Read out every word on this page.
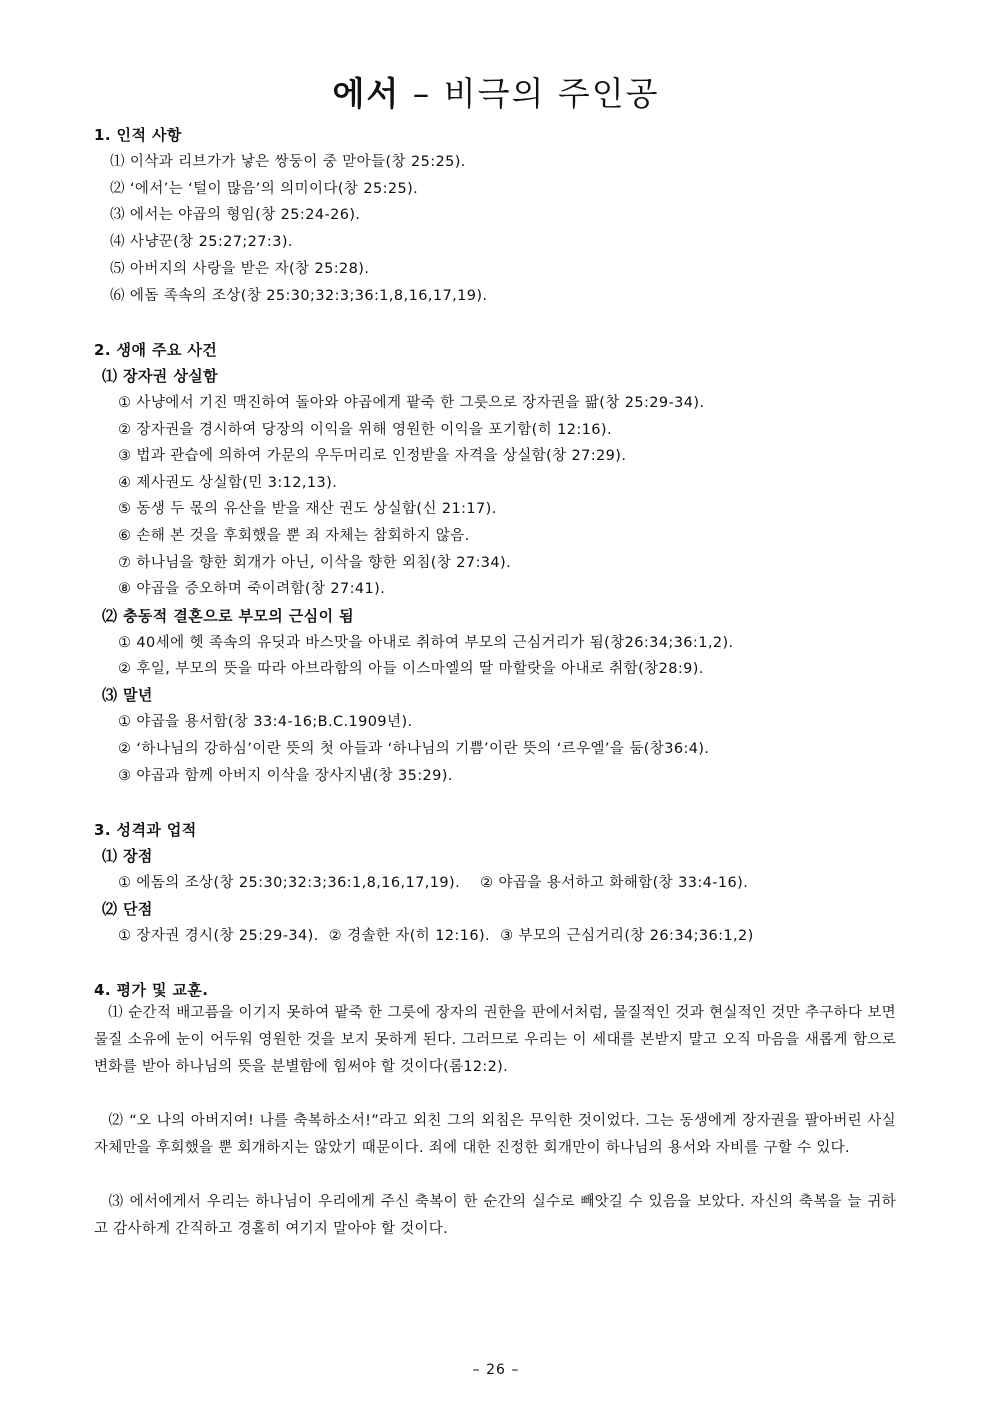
에서 – 비극의 주인공
1. 인적 사항
⑴ 이삭과 리브가가 낳은 쌍둥이 중 맏아들(창 25:25).
⑵ ‘에서’는 ‘털이 많음’의 의미이다(창 25:25).
⑶ 에서는 야곱의 형임(창 25:24-26).
⑷ 사냥꾼(창 25:27;27:3).
⑸ 아버지의 사랑을 받은 자(창 25:28).
⑹ 에돔 족속의 조상(창 25:30;32:3;36:1,8,16,17,19).
2. 생애 주요 사건
⑴ 장자권 상실함
① 사냥에서 기진 맥진하여 돌아와 야곱에게 팥죽 한 그릇으로 장자권을 팖(창 25:29-34).
② 장자권을 경시하여 당장의 이익을 위해 영원한 이익을 포기함(히 12:16).
③ 법과 관습에 의하여 가문의 우두머리로 인정받을 자격을 상실함(창 27:29).
④ 제사권도 상실함(민 3:12,13).
⑤ 동생 두 몫의 유산을 받을 재산 권도 상실함(신 21:17).
⑥ 손해 본 것을 후회했을 뿐 죄 자체는 참회하지 않음.
⑦ 하나님을 향한 회개가 아닌, 이삭을 향한 외침(창 27:34).
⑧ 야곱을 증오하며 죽이려함(창 27:41).
⑵ 충동적 결혼으로 부모의 근심이 됨
① 40세에 헷 족속의 유딧과 바스맛을 아내로 취하여 부모의 근심거리가 됨(창26:34;36:1,2).
② 후일, 부모의 뜻을 따라 아브라함의 아들 이스마엘의 딸 마할랏을 아내로 취함(창28:9).
⑶ 말년
① 야곱을 용서함(창 33:4-16;B.C.1909년).
② ‘하나님의 강하심’이란 뜻의 첫 아들과 ‘하나님의 기쁨’이란 뜻의 ‘르우엘’을 둠(창36:4).
③ 야곱과 함께 아버지 이삭을 장사지냄(창 35:29).
3. 성격과 업적
⑴ 장점
① 에돔의 조상(창 25:30;32:3;36:1,8,16,17,19).    ② 야곱을 용서하고 화해함(창 33:4-16).
⑵ 단점
① 장자권 경시(창 25:29-34).  ② 경솔한 자(히 12:16).  ③ 부모의 근심거리(창 26:34;36:1,2)
4. 평가 및 교훈.

⑴ 순간적 배고픔을 이기지 못하여 팥죽 한 그릇에 장자의 권한을 판에서처럼, 물질적인 것과 현실적인 것만 추구하다 보면 물질 소유에 눈이 어두워 영원한 것을 보지 못하게 된다. 그러므로 우리는 이 세대를 본받지 말고 오직 마음을 새롭게 함으로 변화를 받아 하나님의 뜻을 분별함에 힘써야 할 것이다(롬12:2).

⑵ “오 나의 아버지여! 나를 축복하소서!”라고 외친 그의 외침은 무익한 것이었다. 그는 동생에게 장자권을 팔아버린 사실 자체만을 후회했을 뿐 회개하지는 않았기 때문이다. 죄에 대한 진정한 회개만이 하나님의 용서와 자비를 구할 수 있다.

⑶ 에서에게서 우리는 하나님이 우리에게 주신 축복이 한 순간의 실수로 빼앗길 수 있음을 보았다. 자신의 축복을 늘 귀하고 감사하게 간직하고 경홀히 여기지 말아야 할 것이다.

– 26 –
